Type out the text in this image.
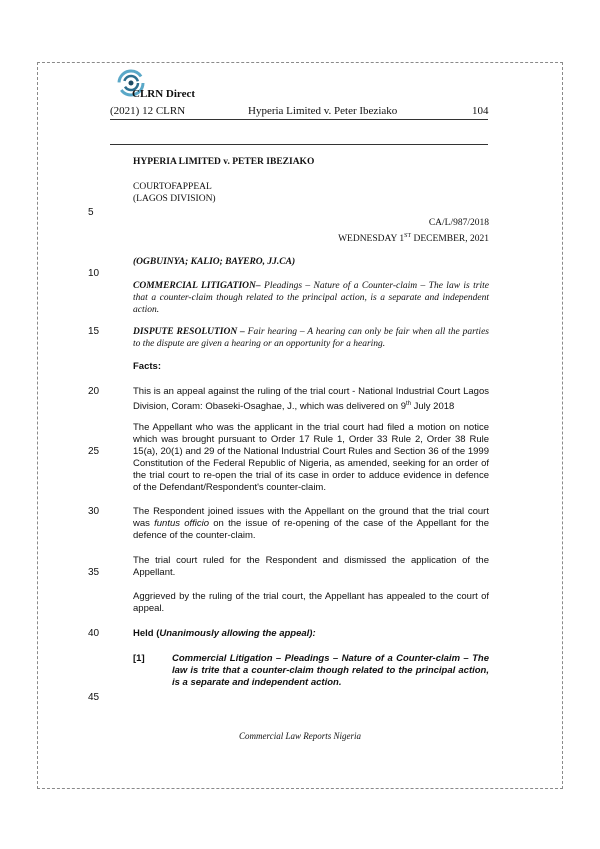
CLRN Direct
(2021) 12 CLRN	Hyperia Limited v. Peter Ibeziako	104
HYPERIA LIMITED v. PETER IBEZIAKO
COURTOFAPPEAL
(LAGOS DIVISION)
CA/L/987/2018
WEDNESDAY 1ST DECEMBER, 2021
(OGBUINYA; KALIO; BAYERO, JJ.CA)
COMMERCIAL LITIGATION– Pleadings – Nature of a Counter-claim – The law is trite that a counter-claim though related to the principal action, is a separate and independent action.
DISPUTE RESOLUTION – Fair hearing – A hearing can only be fair when all the parties to the dispute are given a hearing or an opportunity for a hearing.
Facts:
This is an appeal against the ruling of the trial court - National Industrial Court Lagos Division, Coram: Obaseki-Osaghae, J., which was delivered on 9th July 2018
The Appellant who was the applicant in the trial court had filed a motion on notice which was brought pursuant to Order 17 Rule 1, Order 33 Rule 2, Order 38 Rule 15(a), 20(1) and 29 of the National Industrial Court Rules and Section 36 of the 1999 Constitution of the Federal Republic of Nigeria, as amended, seeking for an order of the trial court to re-open the trial of its case in order to adduce evidence in defence of the Defendant/Respondent's counter-claim.
The Respondent joined issues with the Appellant on the ground that the trial court was funtus officio on the issue of re-opening of the case of the Appellant for the defence of the counter-claim.
The trial court ruled for the Respondent and dismissed the application of the Appellant.
Aggrieved by the ruling of the trial court, the Appellant has appealed to the court of appeal.
Held (Unanimously allowing the appeal):
[1]	Commercial Litigation – Pleadings – Nature of a Counter-claim – The law is trite that a counter-claim though related to the principal action, is a separate and independent action.
5
10
15
20
25
30
35
40
45
Commercial Law Reports Nigeria
